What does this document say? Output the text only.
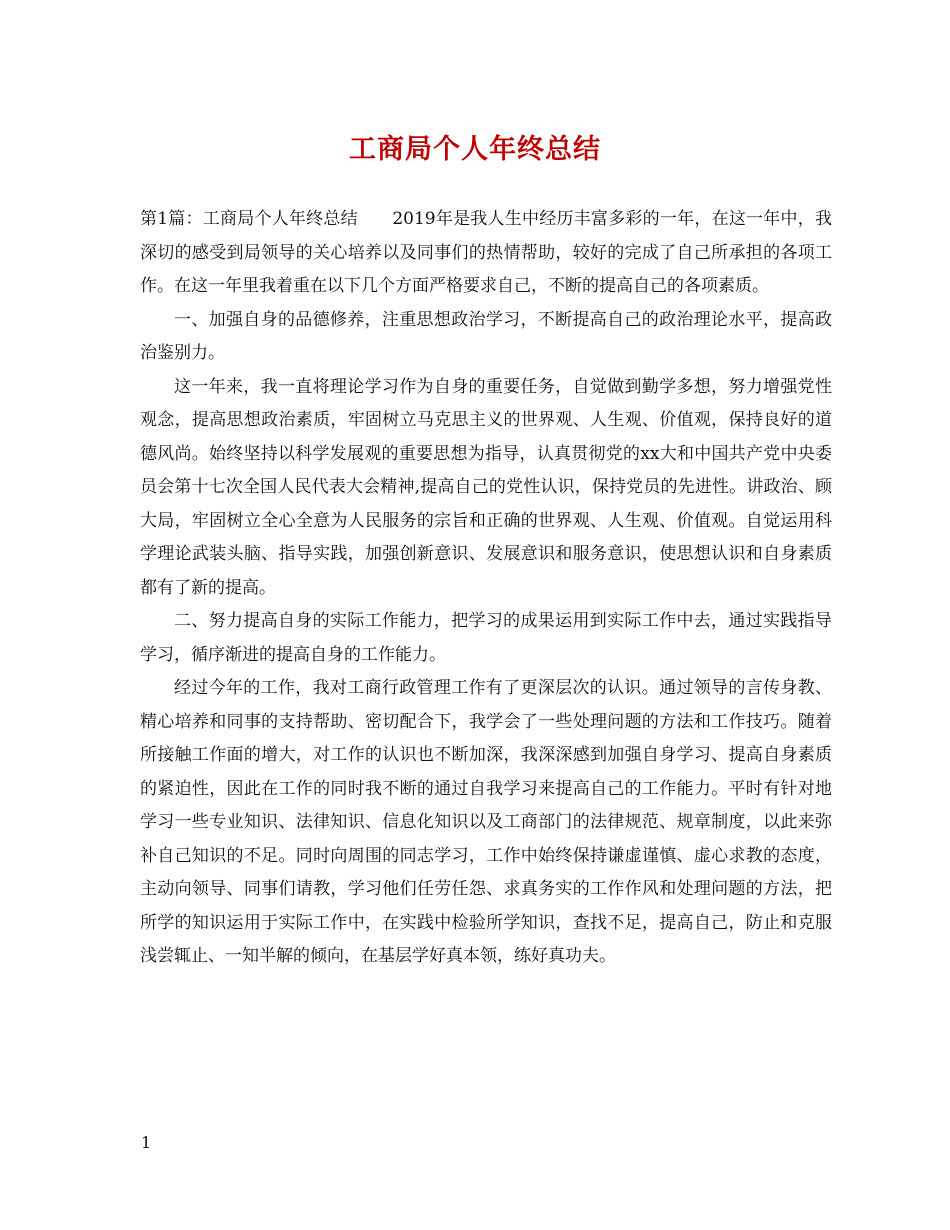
工商局个人年终总结

第1篇：工商局个人年终总结　　2019年是我人生中经历丰富多彩的一年，在这一年中，我深切的感受到局领导的关心培养以及同事们的热情帮助，较好的完成了自己所承担的各项工作。在这一年里我着重在以下几个方面严格要求自己，不断的提高自己的各项素质。

一、加强自身的品德修养，注重思想政治学习，不断提高自己的政治理论水平，提高政治鉴别力。

这一年来，我一直将理论学习作为自身的重要任务，自觉做到勤学多想，努力增强党性观念，提高思想政治素质，牢固树立马克思主义的世界观、人生观、价值观，保持良好的道德风尚。始终坚持以科学发展观的重要思想为指导，认真贯彻党的xx大和中国共产党中央委员会第十七次全国人民代表大会精神,提高自己的党性认识，保持党员的先进性。讲政治、顾大局，牢固树立全心全意为人民服务的宗旨和正确的世界观、人生观、价值观。自觉运用科学理论武装头脑、指导实践，加强创新意识、发展意识和服务意识，使思想认识和自身素质都有了新的提高。

二、努力提高自身的实际工作能力，把学习的成果运用到实际工作中去，通过实践指导学习，循序渐进的提高自身的工作能力。

经过今年的工作，我对工商行政管理工作有了更深层次的认识。通过领导的言传身教、精心培养和同事的支持帮助、密切配合下，我学会了一些处理问题的方法和工作技巧。随着所接触工作面的增大，对工作的认识也不断加深，我深深感到加强自身学习、提高自身素质的紧迫性，因此在工作的同时我不断的通过自我学习来提高自己的工作能力。平时有针对地学习一些专业知识、法律知识、信息化知识以及工商部门的法律规范、规章制度，以此来弥补自己知识的不足。同时向周围的同志学习，工作中始终保持谦虚谨慎、虚心求教的态度，主动向领导、同事们请教，学习他们任劳任怨、求真务实的工作作风和处理问题的方法，把所学的知识运用于实际工作中，在实践中检验所学知识，查找不足，提高自己，防止和克服浅尝辄止、一知半解的倾向，在基层学好真本领，练好真功夫。

1
